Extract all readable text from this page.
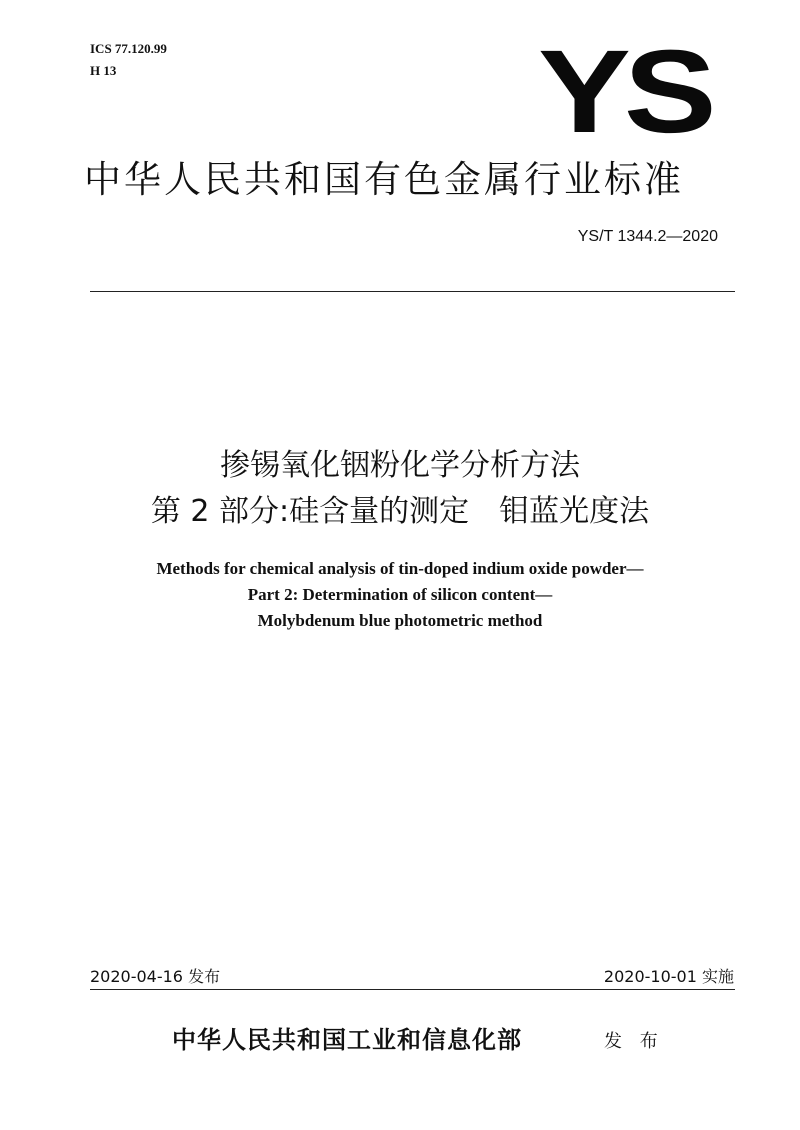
ICS 77.120.99
H 13	YS
中华人民共和国有色金属行业标准
YS/T 1344.2—2020
掺锡氧化铟粉化学分析方法
第 2 部分:硅含量的测定　钼蓝光度法
Methods for chemical analysis of tin-doped indium oxide powder—
Part 2: Determination of silicon content—
Molybdenum blue photometric method
2020-04-16 发布	2020-10-01 实施
中华人民共和国工业和信息化部	发 布
